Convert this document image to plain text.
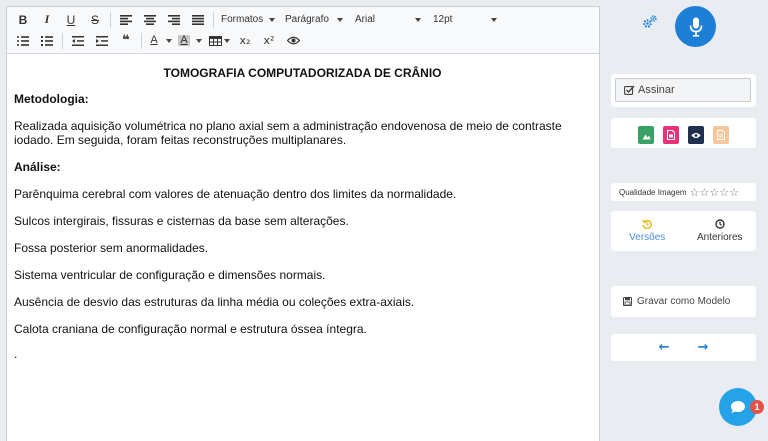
B	I	U	S	Formatos Parágrafo	Arial	12pt
❝	A A	x₂	x²
TOMOGRAFIA COMPUTADORIZADA DE CRÂNIO
Metodologia:
Realizada aquisição volumétrica no plano axial sem a administração endovenosa de meio de contraste iodado. Em seguida, foram feitas reconstruções multiplanares.
Análise:
Parênquima cerebral com valores de atenuação dentro dos limites da normalidade.
Sulcos intergirais, fissuras e cisternas da base sem alterações.
Fossa posterior sem anormalidades.
Sistema ventricular de configuração e dimensões normais.
Ausência de desvio das estruturas da linha média ou coleções extra-axiais.
Calota craniana de configuração normal e estrutura óssea íntegra.
.
Assinar
Qualidade Imagem ☆ ☆ ☆ ☆ ☆
Versões	Anteriores
Gravar como Modelo
← →
1
